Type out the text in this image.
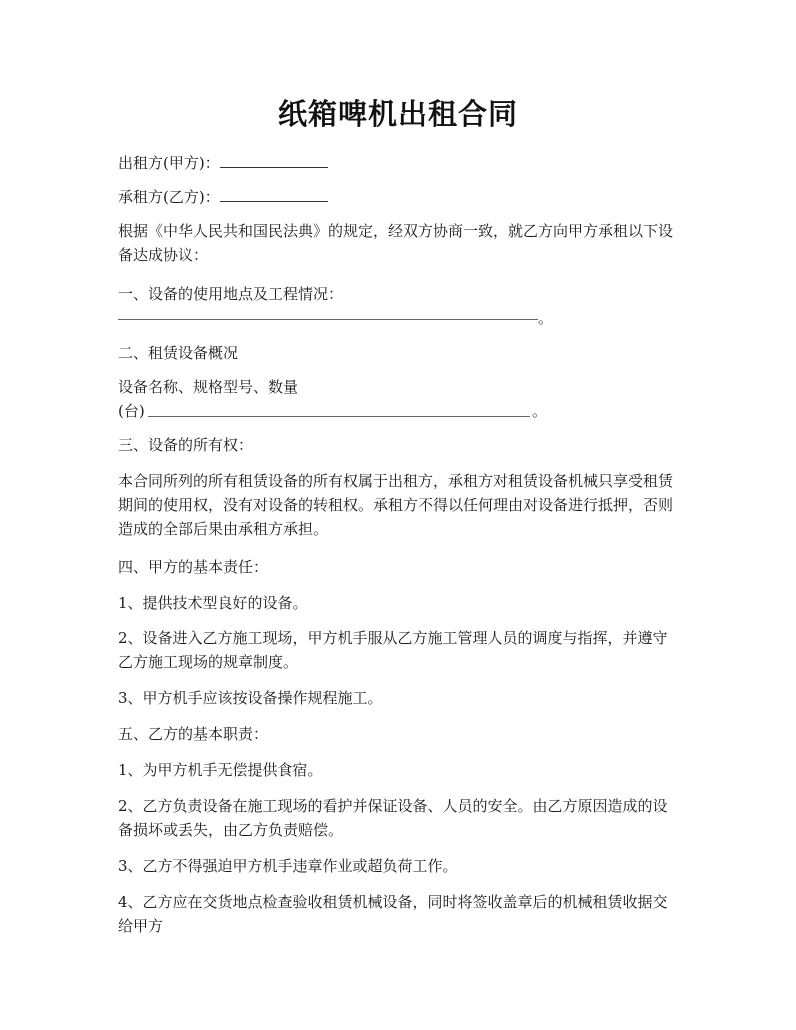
纸箱啤机出租合同
出租方(甲方)：
承租方(乙方)：
根据《中华人民共和国民法典》的规定，经双方协商一致，就乙方向甲方承租以下设备达成协议：
一、设备的使用地点及工程情况：
。
二、租赁设备概况
设备名称、规格型号、数量
(台)	。
三、设备的所有权：
本合同所列的所有租赁设备的所有权属于出租方，承租方对租赁设备机械只享受租赁期间的使用权，没有对设备的转租权。承租方不得以任何理由对设备进行抵押，否则造成的全部后果由承租方承担。
四、甲方的基本责任：
1、提供技术型良好的设备。
2、设备进入乙方施工现场，甲方机手服从乙方施工管理人员的调度与指挥，并遵守乙方施工现场的规章制度。
3、甲方机手应该按设备操作规程施工。
五、乙方的基本职责：
1、为甲方机手无偿提供食宿。
2、乙方负责设备在施工现场的看护并保证设备、人员的安全。由乙方原因造成的设备损坏或丢失，由乙方负责赔偿。
3、乙方不得强迫甲方机手违章作业或超负荷工作。
4、乙方应在交货地点检查验收租赁机械设备，同时将签收盖章后的机械租赁收据交给甲方
